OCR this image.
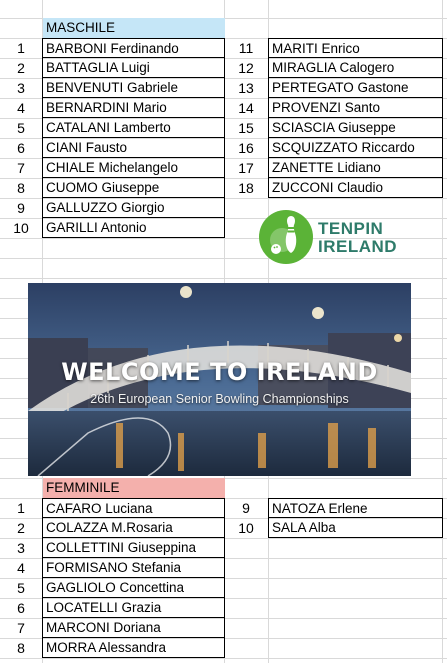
MASCHILE
1	BARBONI Ferdinando
2	BATTAGLIA Luigi
3	BENVENUTI Gabriele
4	BERNARDINI Mario
5	CATALANI Lamberto
6	CIANI Fausto
7	CHIALE Michelangelo
8	CUOMO Giuseppe
9	GALLUZZO Giorgio
10	GARILLI Antonio
11	MARITI Enrico
12	MIRAGLIA Calogero
13	PERTEGATO Gastone
14	PROVENZI Santo
15	SCIASCIA Giuseppe
16	SCQUIZZATO Riccardo
17	ZANETTE Lidiano
18	ZUCCONI Claudio
TENPIN
IRELAND
WELCOME TO IRELAND
26th European Senior Bowling Championships
FEMMINILE
1	CAFARO Luciana
2	COLAZZA M.Rosaria
3	COLLETTINI Giuseppina
4	FORMISANO Stefania
5	GAGLIOLO Concettina
6	LOCATELLI Grazia
7	MARCONI Doriana
8	MORRA Alessandra
9	NATOZA Erlene
10	SALA Alba
